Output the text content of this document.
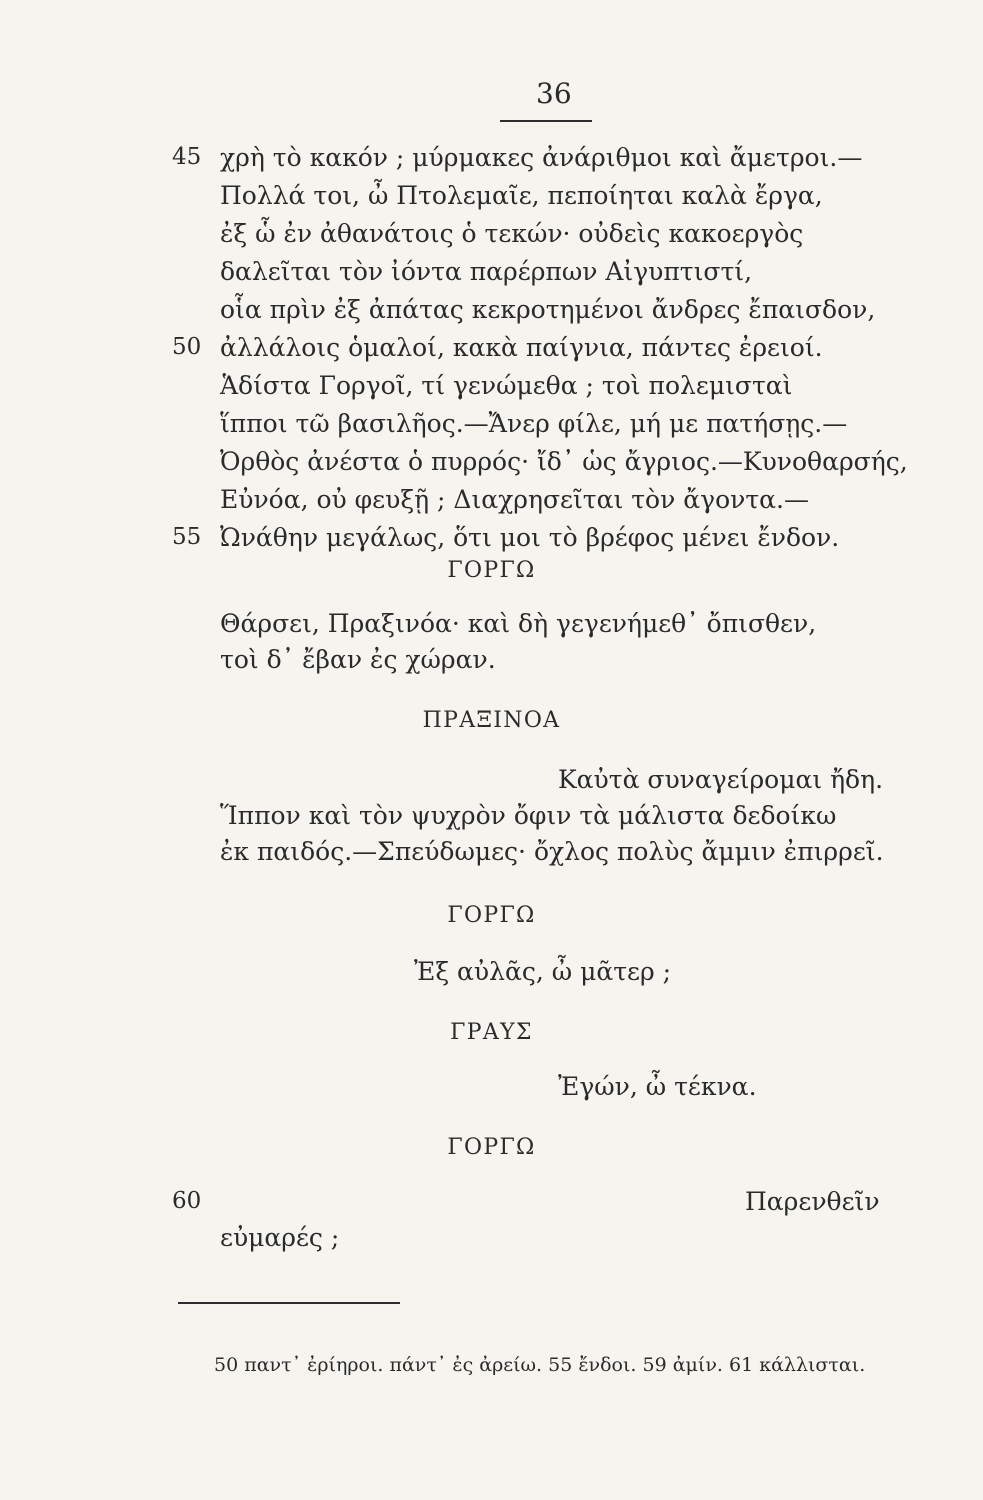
36
45 χρὴ τὸ κακόν ; μύρμακες ἀνάριθμοι καὶ ἄμετροι.—
Πολλά τοι, ὦ Πτολεμαῖε, πεποίηται καλὰ ἔργα,
ἐξ ὧ ἐν ἀθανάτοις ὁ τεκών· οὐδεὶς κακοεργὸς
δαλεῖται τὸν ἰόντα παρέρπων Αἰγυπτιστί,
οἷα πρὶν ἐξ ἀπάτας κεκροτημένοι ἄνδρες ἔπαισδον,
50 ἀλλάλοις ὁμαλοί, κακὰ παίγνια, πάντες ἐρειοί.
Ἁδίστα Γοργοῖ, τί γενώμεθα ; τοὶ πολεμισταὶ
ἵπποι τῶ βασιλῆος.—Ἄνερ φίλε, μή με πατήσῃς.—
Ὀρθὸς ἀνέστα ὁ πυρρός· ἴδ᾽ ὡς ἄγριος.—Κυνοθαρσής,
Εὐνόα, οὐ φευξῇ ; Διαχρησεῖται τὸν ἄγοντα.—
55 Ὠνάθην μεγάλως, ὅτι μοι τὸ βρέφος μένει ἔνδον.
ΓΟΡΓΩ
Θάρσει, Πραξινόα· καὶ δὴ γεγενήμεθ᾽ ὄπισθεν,
τοὶ δ᾽ ἔβαν ἐς χώραν.
ΠΡΑΞΙΝΟΑ
Καὐτὰ συναγείρομαι ἤδη.
Ἵππον καὶ τὸν ψυχρὸν ὄφιν τὰ μάλιστα δεδοίκω
ἐκ παιδός.—Σπεύδωμες· ὄχλος πολὺς ἄμμιν ἐπιρρεῖ.
ΓΟΡΓΩ
Ἐξ αὐλᾶς, ὦ μᾶτερ ;
ΓΡΑΥΣ
Ἐγών, ὦ τέκνα.
ΓΟΡΓΩ
60	Παρενθεῖν
εὐμαρές ;
50 παντ᾽ ἐρίηροι. πάντ᾽ ἐς ἀρείω. 55 ἔνδοι. 59 ἀμίν. 61 κάλλισται.
